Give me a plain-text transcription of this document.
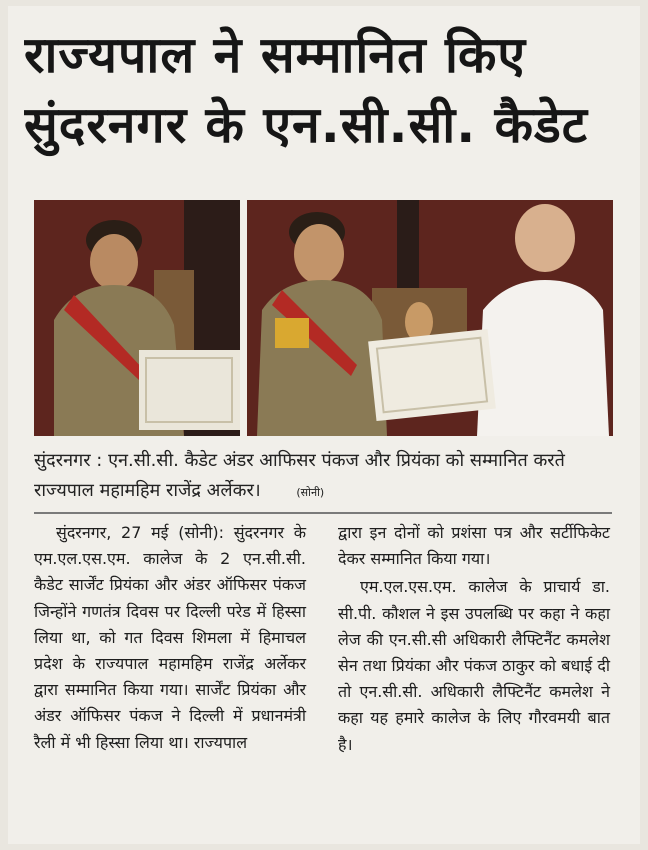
राज्यपाल ने सम्मानित किए
सुंदरनगर के एन.सी.सी. कैडेट
सुंदरनगर : एन.सी.सी. कैडेट अंडर आफिसर पंकज और प्रियंका को सम्मानित करते राज्यपाल महामहिम राजेंद्र अर्लेकर।	(सोनी)

सुंदरनगर, 27 मई (सोनी): सुंदरनगर के एम.एल.एस.एम. कालेज के 2 एन.सी.सी. कैडेट सार्जेंट प्रियंका और अंडर ऑफिसर पंकज जिन्होंने गणतंत्र दिवस पर दिल्ली परेड में हिस्सा लिया था, को गत दिवस शिमला में हिमाचल प्रदेश के राज्यपाल महामहिम राजेंद्र अर्लेकर द्वारा सम्मानित किया गया। सार्जेंट प्रियंका और अंडर ऑफिसर पंकज ने दिल्ली में प्रधानमंत्री रैली में भी हिस्सा लिया था। राज्यपाल

द्वारा इन दोनों को प्रशंसा पत्र और सर्टीफिकेट देकर सम्मानित किया गया।

एम.एल.एस.एम. कालेज के प्राचार्य डा. सी.पी. कौशल ने इस उपलब्धि पर कहा ने कहा लेज की एन.सी.सी अधिकारी लैफ्टिनैंट कमलेश सेन तथा प्रियंका और पंकज ठाकुर को बधाई दी तो एन.सी.सी. अधिकारी लैफ्टिनैंट कमलेश ने कहा यह हमारे कालेज के लिए गौरवमयी बात है।
